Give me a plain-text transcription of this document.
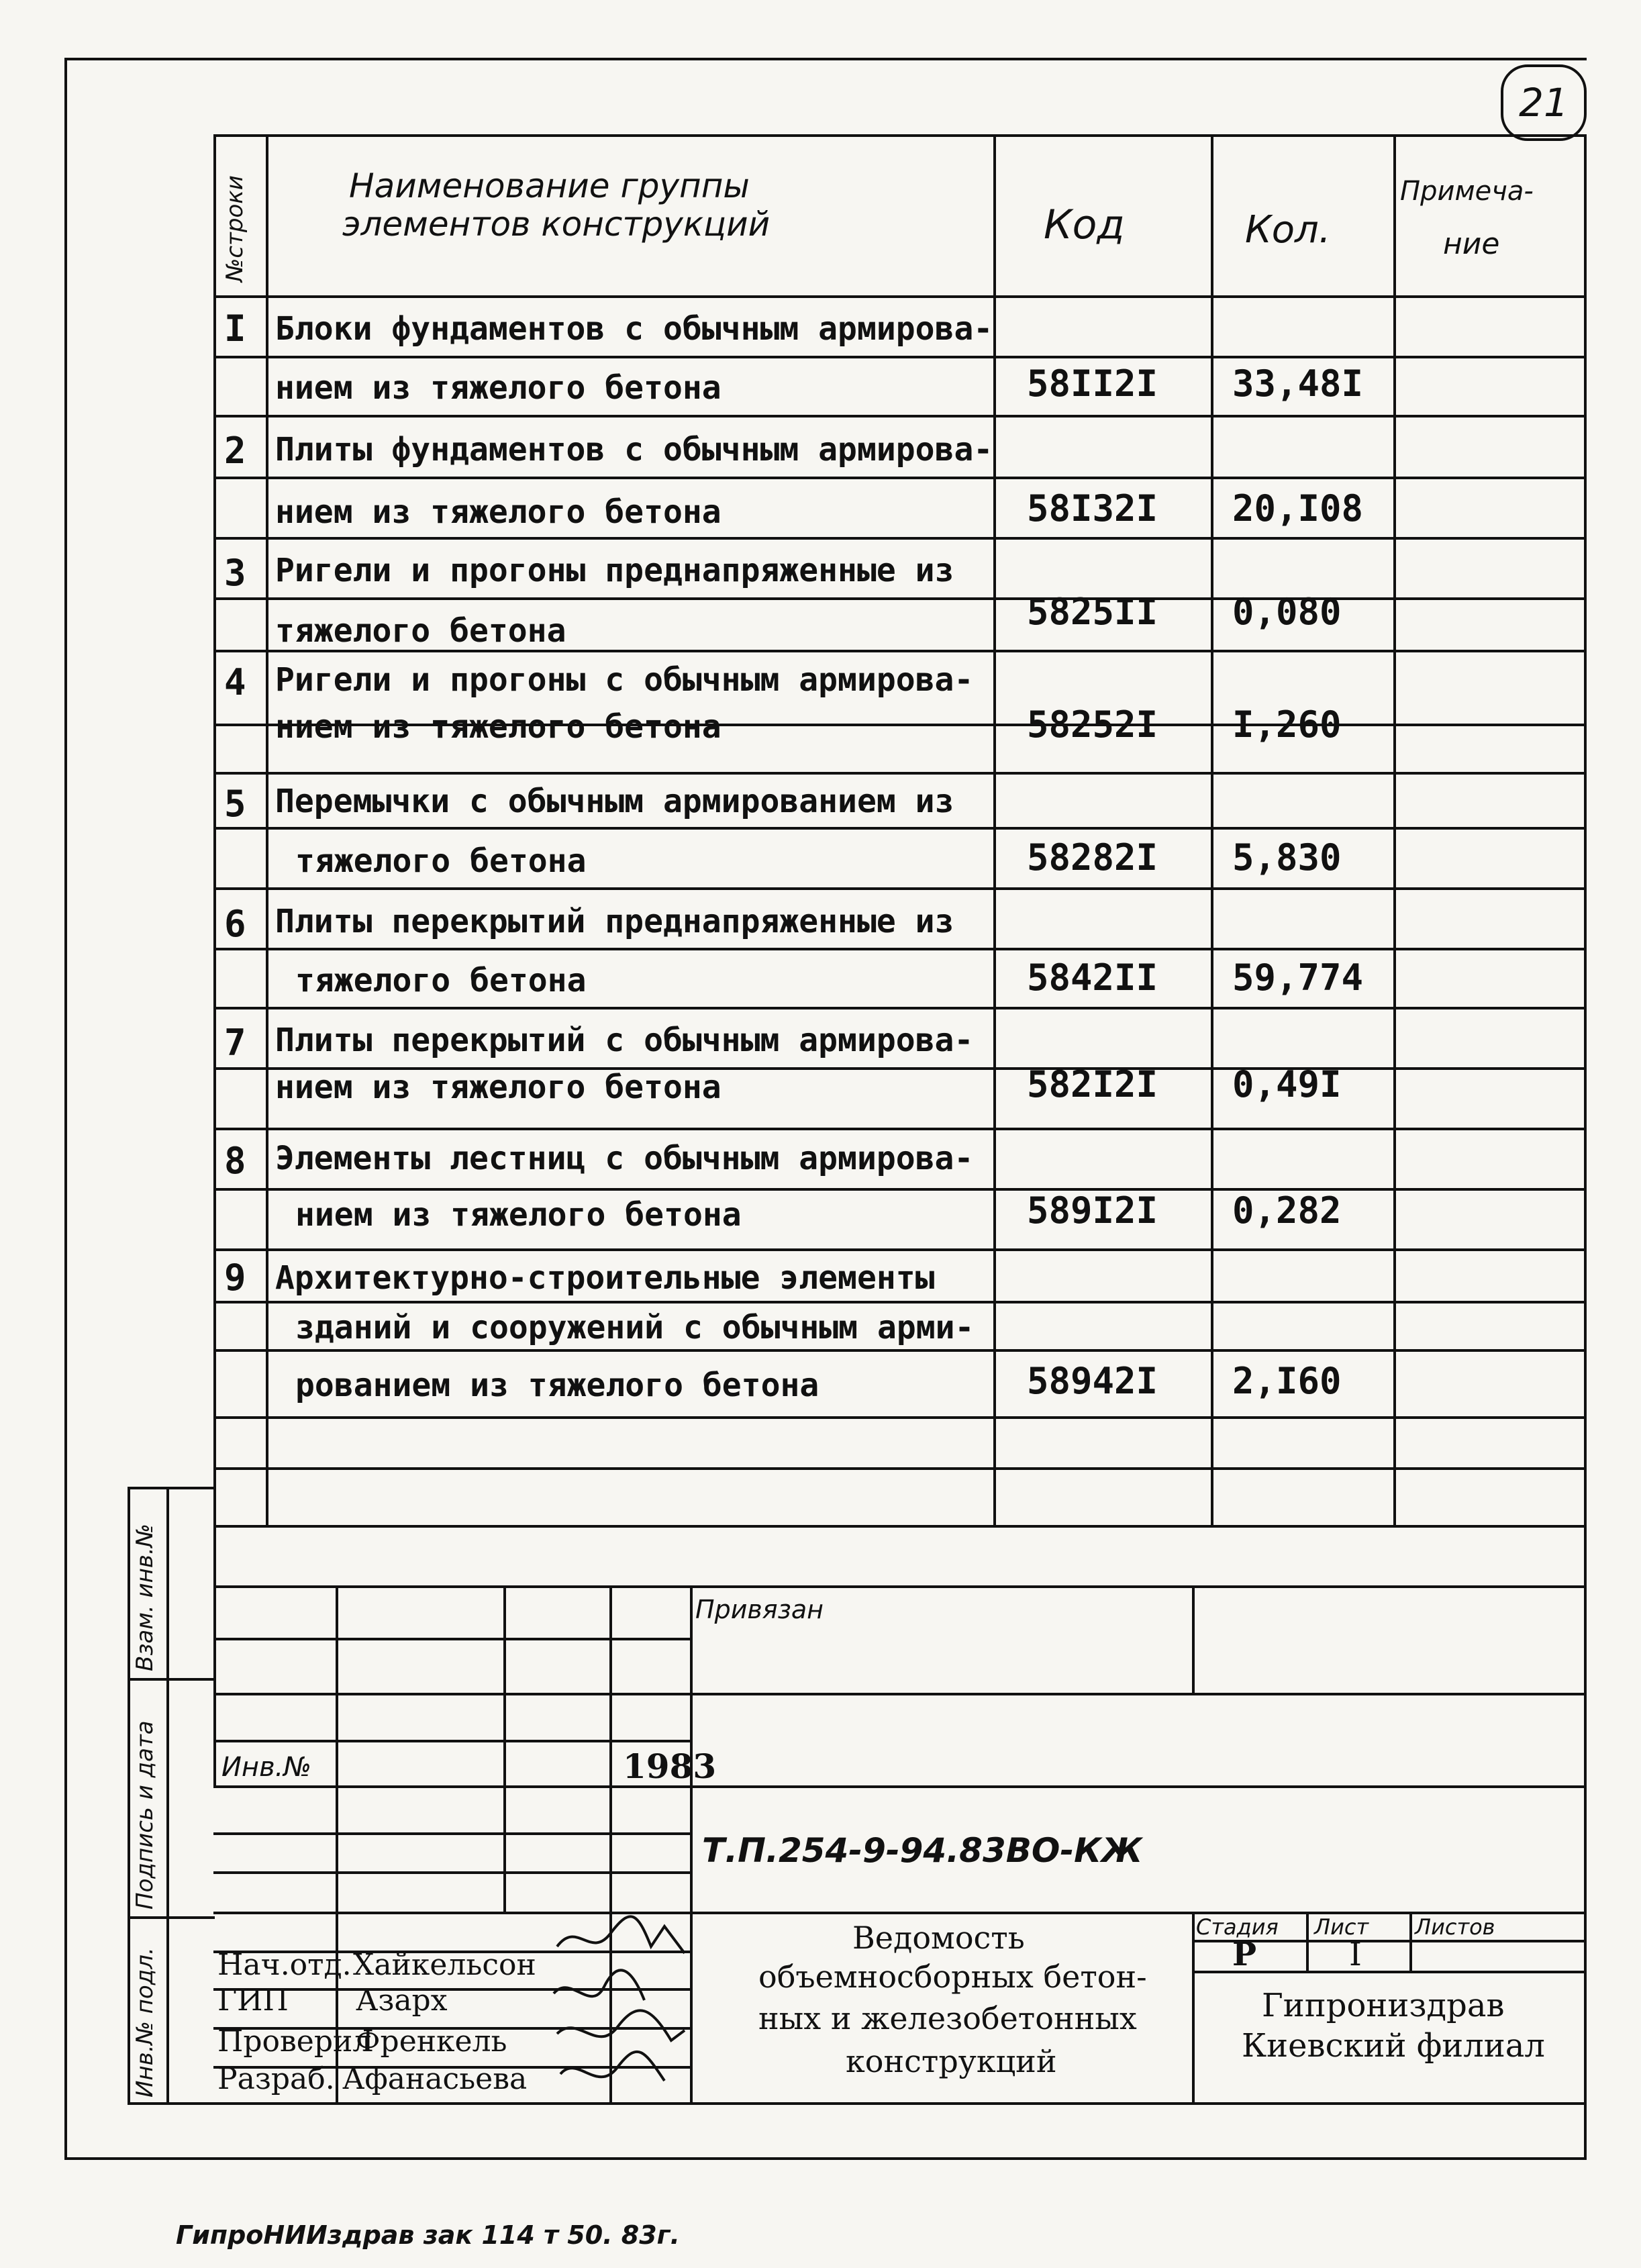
21
№строки	Наименование группы
элементов конструкций	Код	Кол.
Примеча-
ние
I Блоки фундаментов с обычным армирова-
нием из тяжелого бетона	58II2I 33,48I
2 Плиты фундаментов с обычным армирова-
нием из тяжелого бетона	58I32I 20,I08
3 Ригели и прогоны преднапряженные из
тяжелого бетона	5825II 0,080
4 Ригели и прогоны с обычным армирова-
нием из тяжелого бетона	58252I I,260
5 Перемычки с обычным армированием из
тяжелого бетона	58282I 5,830
6 Плиты перекрытий преднапряженные из
тяжелого бетона	5842II 59,774
7 Плиты перекрытий с обычным армирова-
нием из тяжелого бетона	582I2I 0,49I
8 Элементы лестниц с обычным армирова-
нием из тяжелого бетона	589I2I 0,282
9 Архитектурно-строительные элементы
зданий и сооружений с обычным арми-
рованием из тяжелого бетона	58942I 2,I60
Взам. инв.№
Подпись и дата
Инв.№ подл.
Привязан
Инв.№	1983
Т.П.254-9-94.83ВО-КЖ
Ведомость
объемносборных бетон-
ных и железобетонных
конструкций
Стадия Лист Листов
Р	I
Гипрониздрав
Киевский филиал
Нач.отд. Хайкельсон
ГИП Азарх
Проверил
Френкель
Разраб. Афанасьева
ГипроНИИздрав зак 114 т 50. 83г.
